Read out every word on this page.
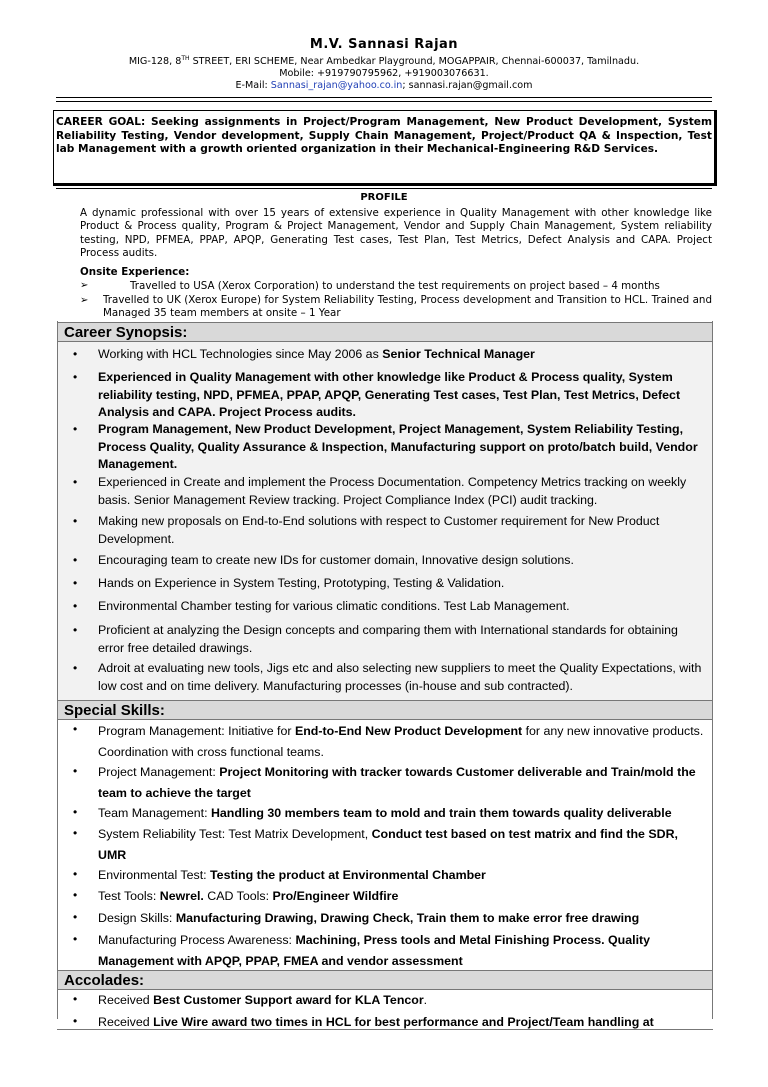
M.V. Sannasi Rajan
MIG-128, 8TH STREET, ERI SCHEME, Near Ambedkar Playground, MOGAPPAIR, Chennai-600037, Tamilnadu.
Mobile: +919790795962, +919003076631.
E-Mail: Sannasi_rajan@yahoo.co.in; sannasi.rajan@gmail.com
CAREER GOAL: Seeking assignments in Project/Program Management, New Product Development, System Reliability Testing, Vendor development, Supply Chain Management, Project/Product QA & Inspection, Test lab Management with a growth oriented organization in their Mechanical-Engineering R&D Services.
PROFILE
A dynamic professional with over 15 years of extensive experience in Quality Management with other knowledge like Product & Process quality, Program & Project Management, Vendor and Supply Chain Management, System reliability testing, NPD, PFMEA, PPAP, APQP, Generating Test cases, Test Plan, Test Metrics, Defect Analysis and CAPA. Project Process audits.
Onsite Experience:
➢	Travelled to USA (Xerox Corporation) to understand the test requirements on project based – 4 months
➢ Travelled to UK (Xerox Europe) for System Reliability Testing, Process development and Transition to HCL. Trained and Managed 35 team members at onsite – 1 Year
Career Synopsis:
• Working with HCL Technologies since May 2006 as Senior Technical Manager
• Experienced in Quality Management with other knowledge like Product & Process quality, System reliability testing, NPD, PFMEA, PPAP, APQP, Generating Test cases, Test Plan, Test Metrics, Defect Analysis and CAPA. Project Process audits.
• Program Management, New Product Development, Project Management, System Reliability Testing, Process Quality, Quality Assurance & Inspection, Manufacturing support on proto/batch build, Vendor Management.
• Experienced in Create and implement the Process Documentation. Competency Metrics tracking on weekly basis. Senior Management Review tracking. Project Compliance Index (PCI) audit tracking.
• Making new proposals on End-to-End solutions with respect to Customer requirement for New Product Development.
• Encouraging team to create new IDs for customer domain, Innovative design solutions.
• Hands on Experience in System Testing, Prototyping, Testing & Validation.
• Environmental Chamber testing for various climatic conditions. Test Lab Management.
• Proficient at analyzing the Design concepts and comparing them with International standards for obtaining error free detailed drawings.
• Adroit at evaluating new tools, Jigs etc and also selecting new suppliers to meet the Quality Expectations, with low cost and on time delivery. Manufacturing processes (in-house and sub contracted).
Special Skills:
• Program Management: Initiative for End-to-End New Product Development for any new innovative products. Coordination with cross functional teams.
• Project Management: Project Monitoring with tracker towards Customer deliverable and Train/mold the team to achieve the target
• Team Management: Handling 30 members team to mold and train them towards quality deliverable
• System Reliability Test: Test Matrix Development, Conduct test based on test matrix and find the SDR, UMR
• Environmental Test: Testing the product at Environmental Chamber
• Test Tools: Newrel. CAD Tools: Pro/Engineer Wildfire
• Design Skills: Manufacturing Drawing, Drawing Check, Train them to make error free drawing
• Manufacturing Process Awareness: Machining, Press tools and Metal Finishing Process. Quality Management with APQP, PPAP, FMEA and vendor assessment
Accolades:
• Received Best Customer Support award for KLA Tencor.
• Received Live Wire award two times in HCL for best performance and Project/Team handling at
